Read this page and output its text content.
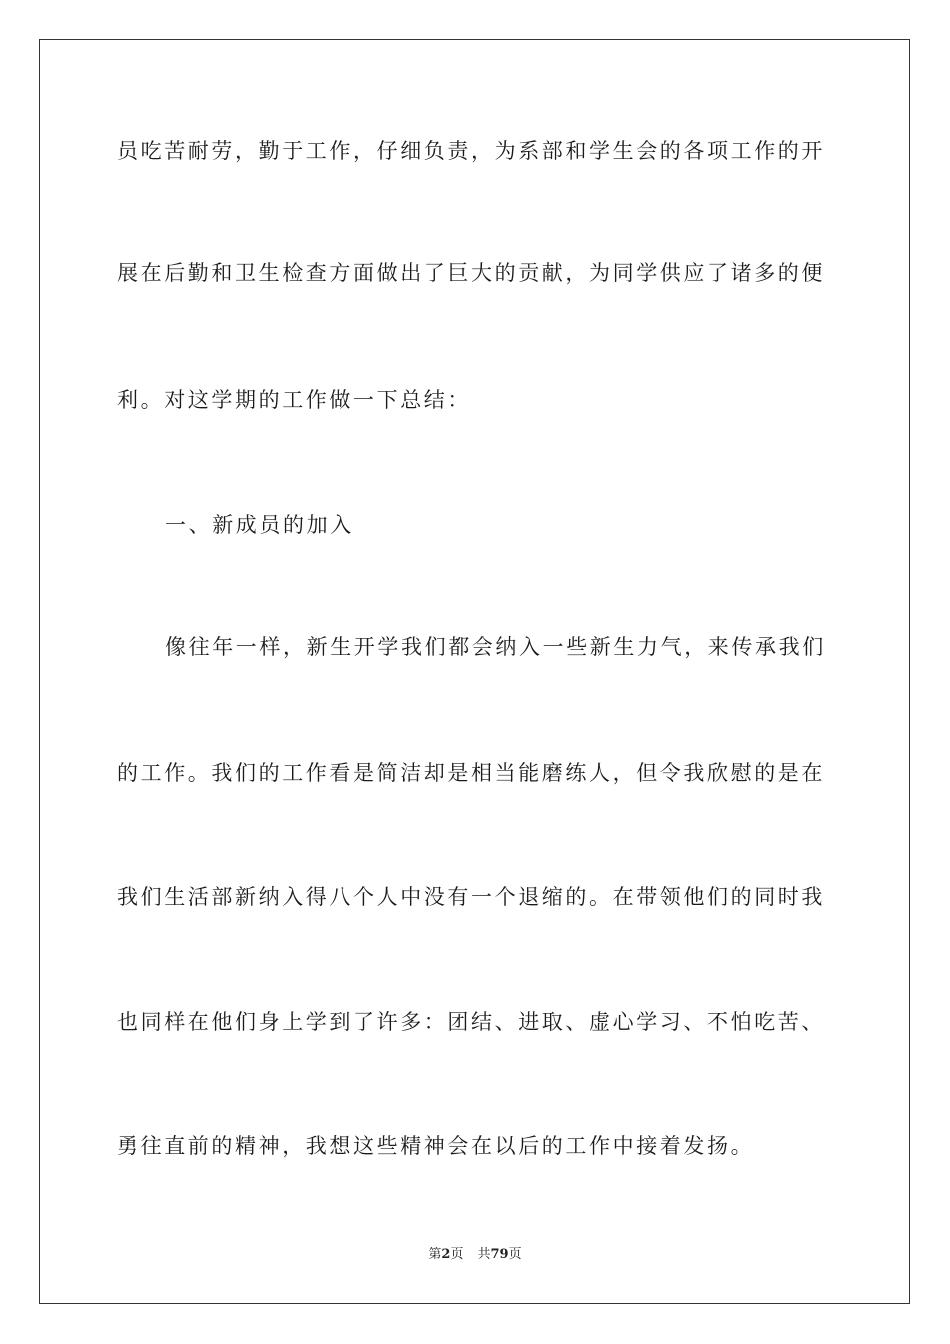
员吃苦耐劳，勤于工作，仔细负责，为系部和学生会的各项工作的开
展在后勤和卫生检查方面做出了巨大的贡献，为同学供应了诸多的便
利。对这学期的工作做一下总结：
一、新成员的加入
像往年一样，新生开学我们都会纳入一些新生力气，来传承我们
的工作。我们的工作看是简洁却是相当能磨练人，但令我欣慰的是在
我们生活部新纳入得八个人中没有一个退缩的。在带领他们的同时我
也同样在他们身上学到了许多：团结、进取、虚心学习、不怕吃苦、
勇往直前的精神，我想这些精神会在以后的工作中接着发扬。
第2页 共79页
